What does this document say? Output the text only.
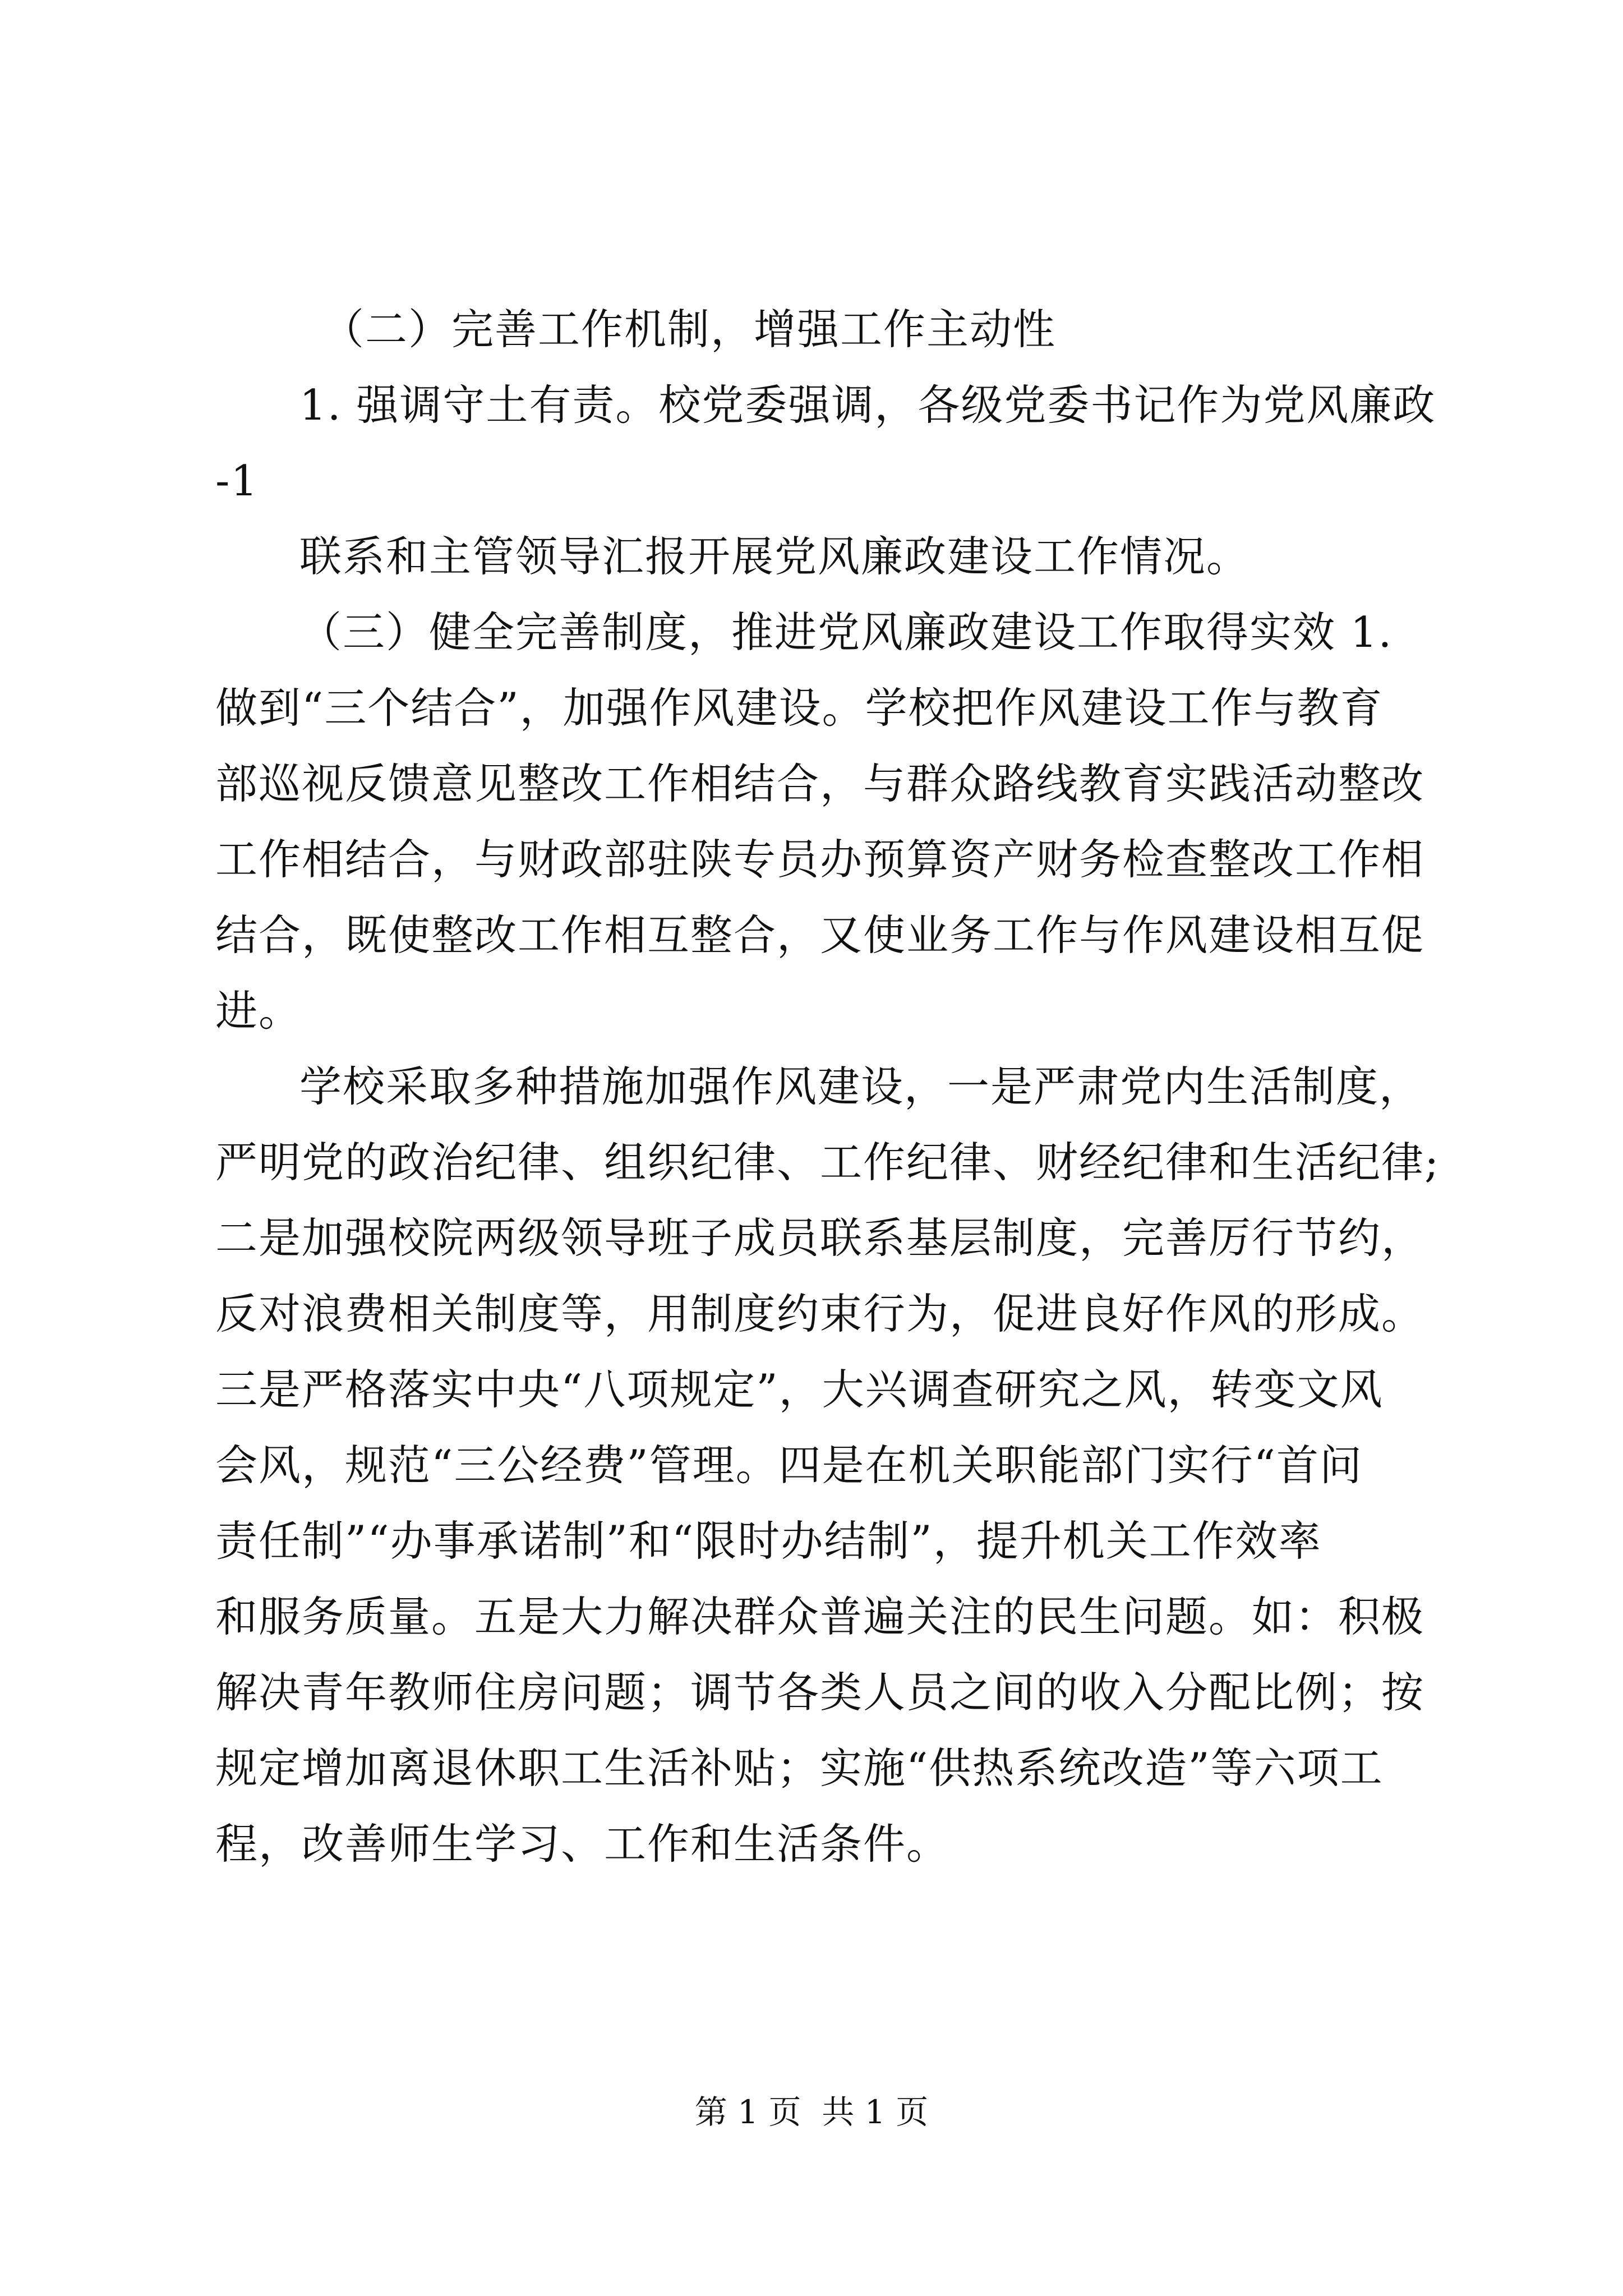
（二）完善工作机制，增强工作主动性
1. 强调守土有责。校党委强调，各级党委书记作为党风廉政
-1
联系和主管领导汇报开展党风廉政建设工作情况。
（三）健全完善制度，推进党风廉政建设工作取得实效 1.
做到“三个结合”，加强作风建设。学校把作风建设工作与教育
部巡视反馈意见整改工作相结合，与群众路线教育实践活动整改
工作相结合，与财政部驻陕专员办预算资产财务检查整改工作相
结合，既使整改工作相互整合，又使业务工作与作风建设相互促
进。
学校采取多种措施加强作风建设，一是严肃党内生活制度，
严明党的政治纪律、组织纪律、工作纪律、财经纪律和生活纪律;
二是加强校院两级领导班子成员联系基层制度，完善厉行节约，
反对浪费相关制度等，用制度约束行为，促进良好作风的形成。
三是严格落实中央“八项规定”，大兴调查研究之风，转变文风
会风，规范“三公经费”管理。四是在机关职能部门实行“首问
责任制”“办事承诺制”和“限时办结制”，提升机关工作效率
和服务质量。五是大力解决群众普遍关注的民生问题。如：积极
解决青年教师住房问题；调节各类人员之间的收入分配比例；按
规定增加离退休职工生活补贴；实施“供热系统改造”等六项工
程，改善师生学习、工作和生活条件。
第 1 页  共 1 页
